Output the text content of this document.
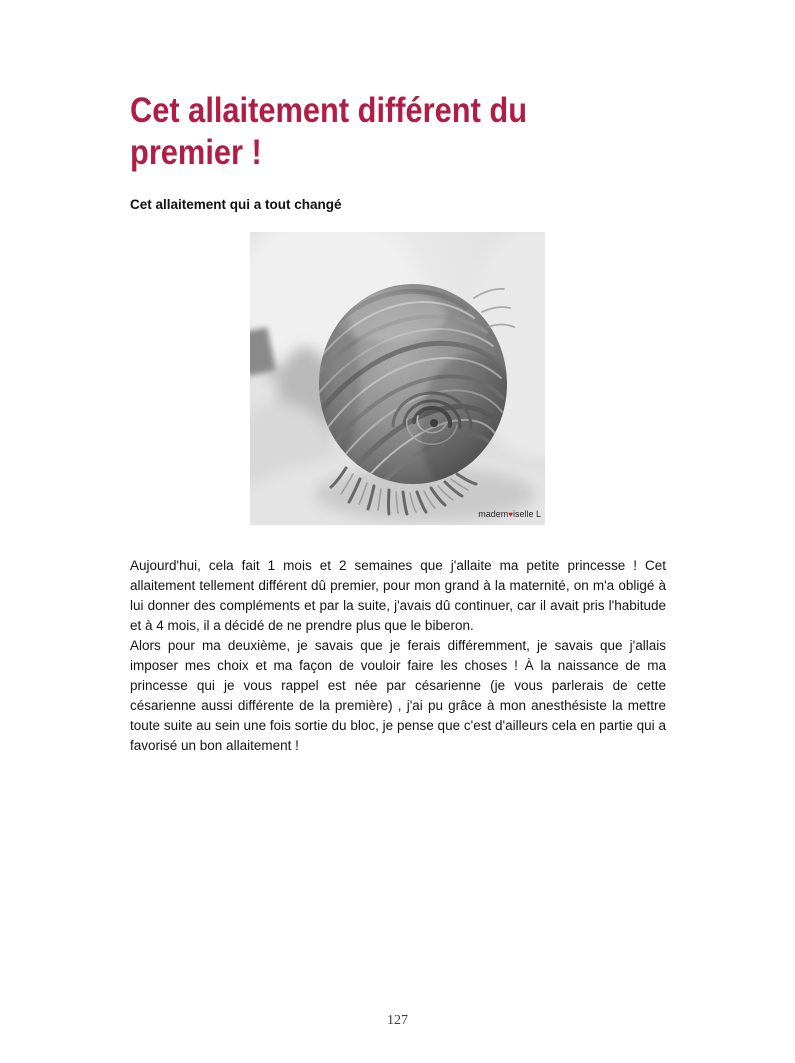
Cet allaitement différent du premier !
Cet allaitement qui a tout changé
madem♥iselle L

Aujourd'hui, cela fait 1 mois et 2 semaines que j'allaite ma petite princesse ! Cet allaitement tellement différent dû premier, pour mon grand à la maternité, on m'a obligé à lui donner des compléments et par la suite, j'avais dû continuer, car il avait pris l'habitude et à 4 mois, il a décidé de ne prendre plus que le biberon.

Alors pour ma deuxième, je savais que je ferais différemment, je savais que j'allais imposer mes choix et ma façon de vouloir faire les choses ! À la naissance de ma princesse qui je vous rappel est née par césarienne (je vous parlerais de cette césarienne aussi différente de la première) , j'ai pu grâce à mon anesthésiste la mettre toute suite au sein une fois sortie du bloc, je pense que c'est d'ailleurs cela en partie qui a favorisé un bon allaitement !

127
